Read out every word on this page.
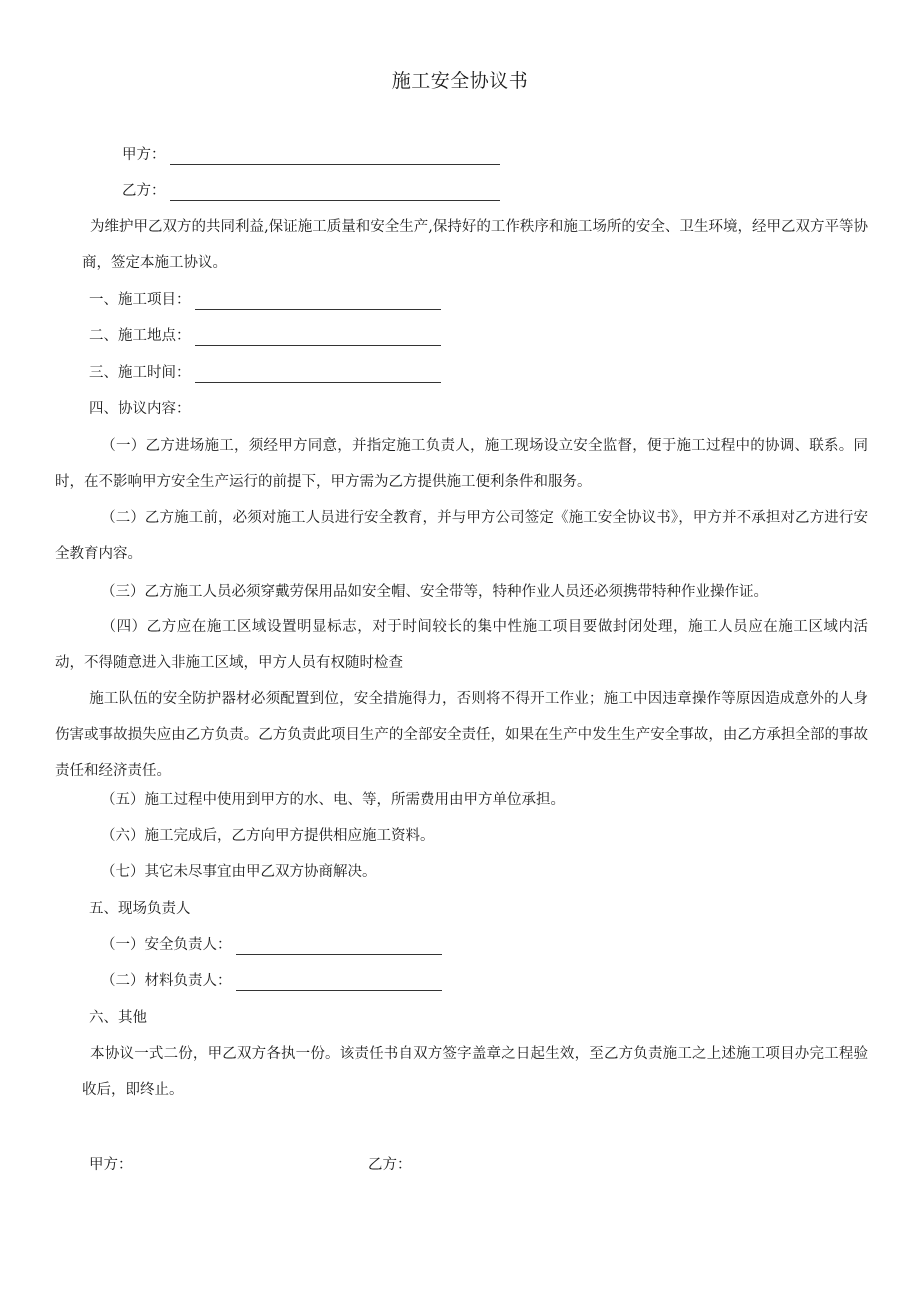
施工安全协议书
甲方：
乙方：
为维护甲乙双方的共同利益,保证施工质量和安全生产,保持好的工作秩序和施工场所的安全、卫生环境，经甲乙双方平等协商，签定本施工协议。
一、施工项目：
二、施工地点：
三、施工时间：
四、协议内容：
（一）乙方进场施工，须经甲方同意，并指定施工负责人，施工现场设立安全监督，便于施工过程中的协调、联系。同时，在不影响甲方安全生产运行的前提下，甲方需为乙方提供施工便利条件和服务。
（二）乙方施工前，必须对施工人员进行安全教育，并与甲方公司签定《施工安全协议书》，甲方并不承担对乙方进行安全教育内容。
（三）乙方施工人员必须穿戴劳保用品如安全帽、安全带等，特种作业人员还必须携带特种作业操作证。
（四）乙方应在施工区域设置明显标志，对于时间较长的集中性施工项目要做封闭处理，施工人员应在施工区域内活动，不得随意进入非施工区域，甲方人员有权随时检查
施工队伍的安全防护器材必须配置到位，安全措施得力，否则将不得开工作业；施工中因违章操作等原因造成意外的人身伤害或事故损失应由乙方负责。乙方负责此项目生产的全部安全责任，如果在生产中发生生产安全事故，由乙方承担全部的事故责任和经济责任。
（五）施工过程中使用到甲方的水、电、等，所需费用由甲方单位承担。
（六）施工完成后，乙方向甲方提供相应施工资料。
（七）其它未尽事宜由甲乙双方协商解决。
五、现场负责人
（一）安全负责人：
（二）材料负责人：
六、其他
本协议一式二份，甲乙双方各执一份。该责任书自双方签字盖章之日起生效，至乙方负责施工之上述施工项目办完工程验收后，即终止。
甲方：	乙方：
